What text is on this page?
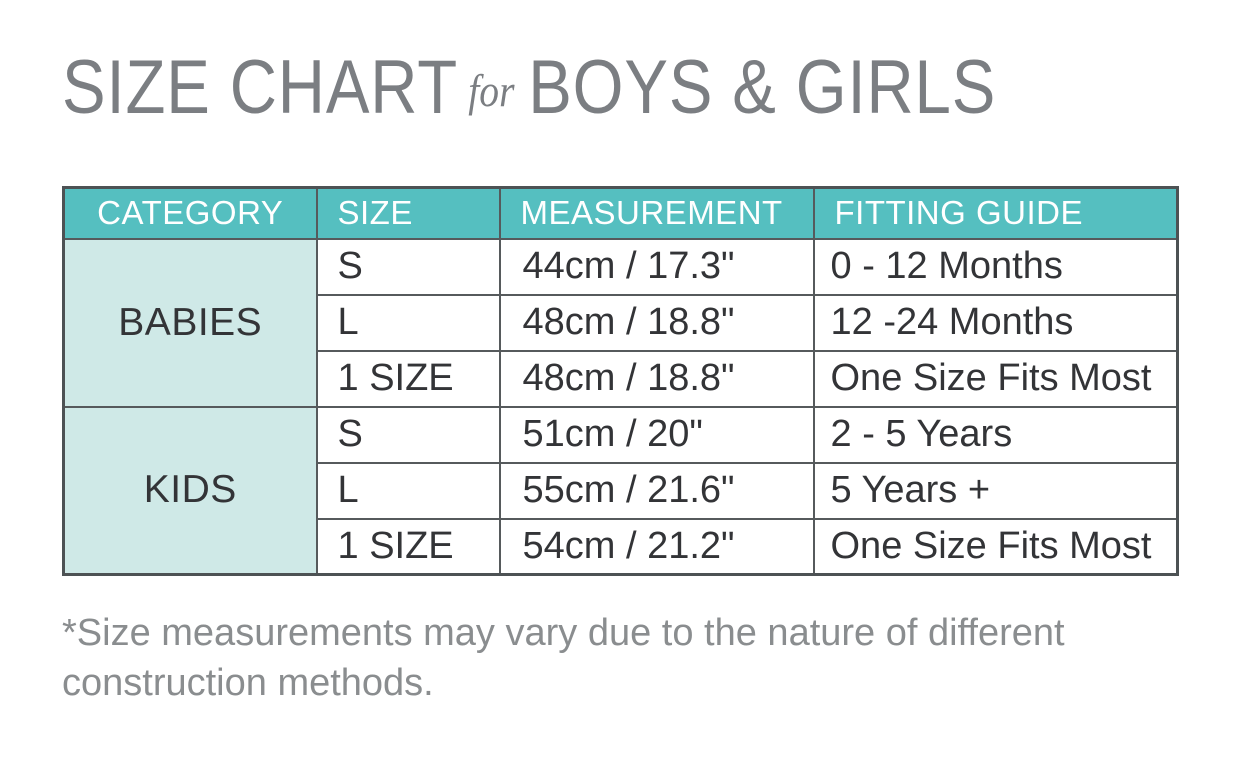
SIZE CHART for BOYS & GIRLS
CATEGORY	SIZE	MEASUREMENT	FITTING GUIDE
BABIES	S	44cm / 17.3"	0 - 12 Months
	L	48cm / 18.8"	12 -24 Months
	1 SIZE	48cm / 18.8"	One Size Fits Most
KIDS	S	51cm / 20"	2 - 5 Years
	L	55cm / 21.6"	5 Years +
	1 SIZE	54cm / 21.2"	One Size Fits Most

*Size measurements may vary due to the nature of different construction methods.
